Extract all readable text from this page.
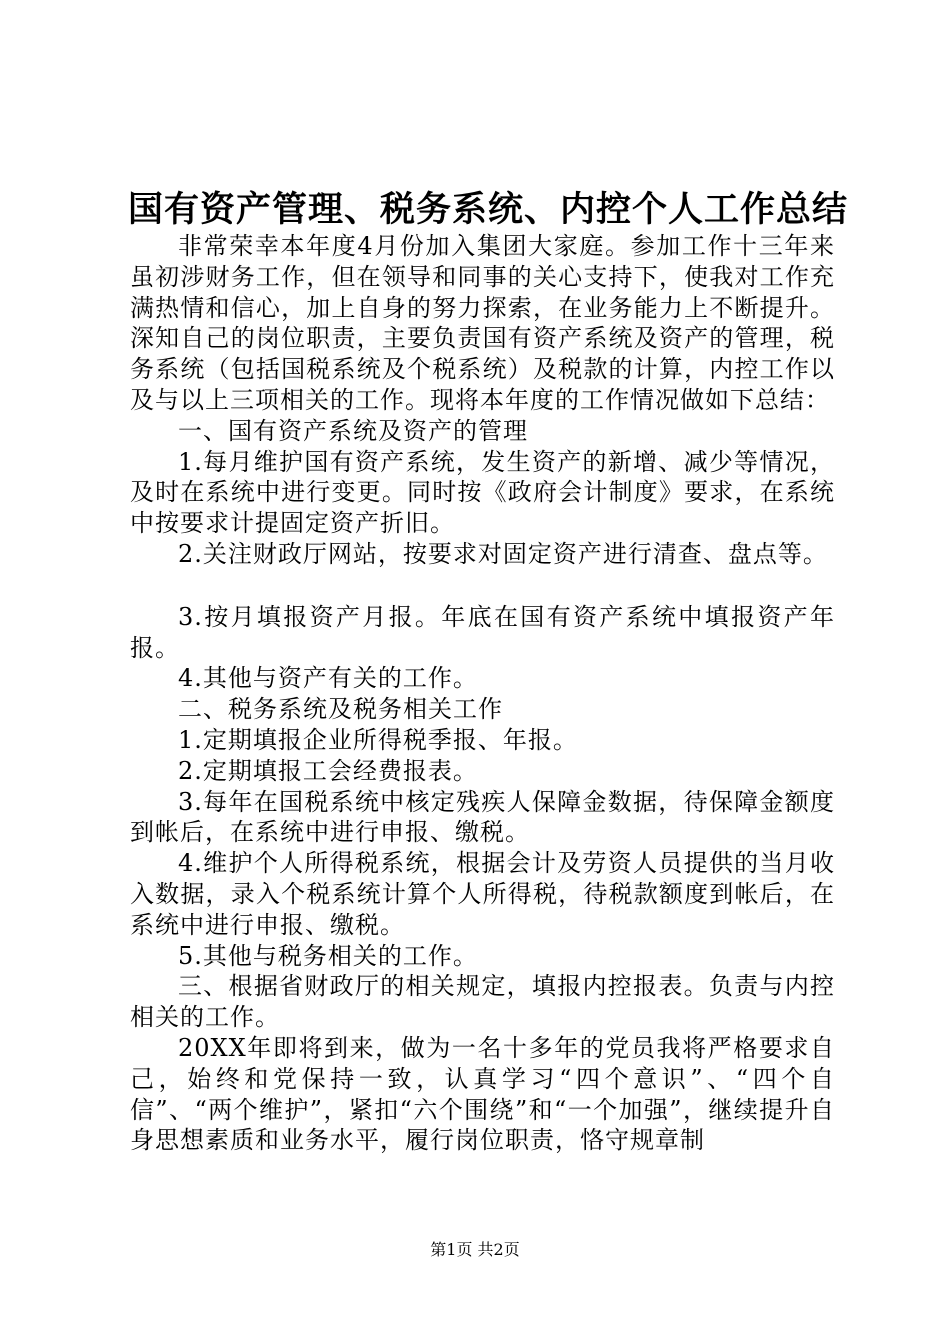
国有资产管理、税务系统、内控个人工作总结

非常荣幸本年度4月份加入集团大家庭。参加工作十三年来虽初涉财务工作，但在领导和同事的关心支持下，使我对工作充满热情和信心，加上自身的努力探索，在业务能力上不断提升。深知自己的岗位职责，主要负责国有资产系统及资产的管理，税务系统（包括国税系统及个税系统）及税款的计算，内控工作以及与以上三项相关的工作。现将本年度的工作情况做如下总结：

一、国有资产系统及资产的管理

1.每月维护国有资产系统，发生资产的新增、减少等情况，及时在系统中进行变更。同时按《政府会计制度》要求，在系统中按要求计提固定资产折旧。

2.关注财政厅网站，按要求对固定资产进行清查、盘点等。

3.按月填报资产月报。年底在国有资产系统中填报资产年报。

4.其他与资产有关的工作。

二、税务系统及税务相关工作

1.定期填报企业所得税季报、年报。

2.定期填报工会经费报表。

3.每年在国税系统中核定残疾人保障金数据，待保障金额度到帐后，在系统中进行申报、缴税。

4.维护个人所得税系统，根据会计及劳资人员提供的当月收入数据，录入个税系统计算个人所得税，待税款额度到帐后，在系统中进行申报、缴税。

5.其他与税务相关的工作。

三、根据省财政厅的相关规定，填报内控报表。负责与内控相关的工作。

20XX年即将到来，做为一名十多年的党员我将严格要求自己，始终和党保持一致，认真学习“四个意识”、“四个自信”、“两个维护”，紧扣“六个围绕”和“一个加强”，继续提升自身思想素质和业务水平，履行岗位职责，恪守规章制

第1页 共2页
